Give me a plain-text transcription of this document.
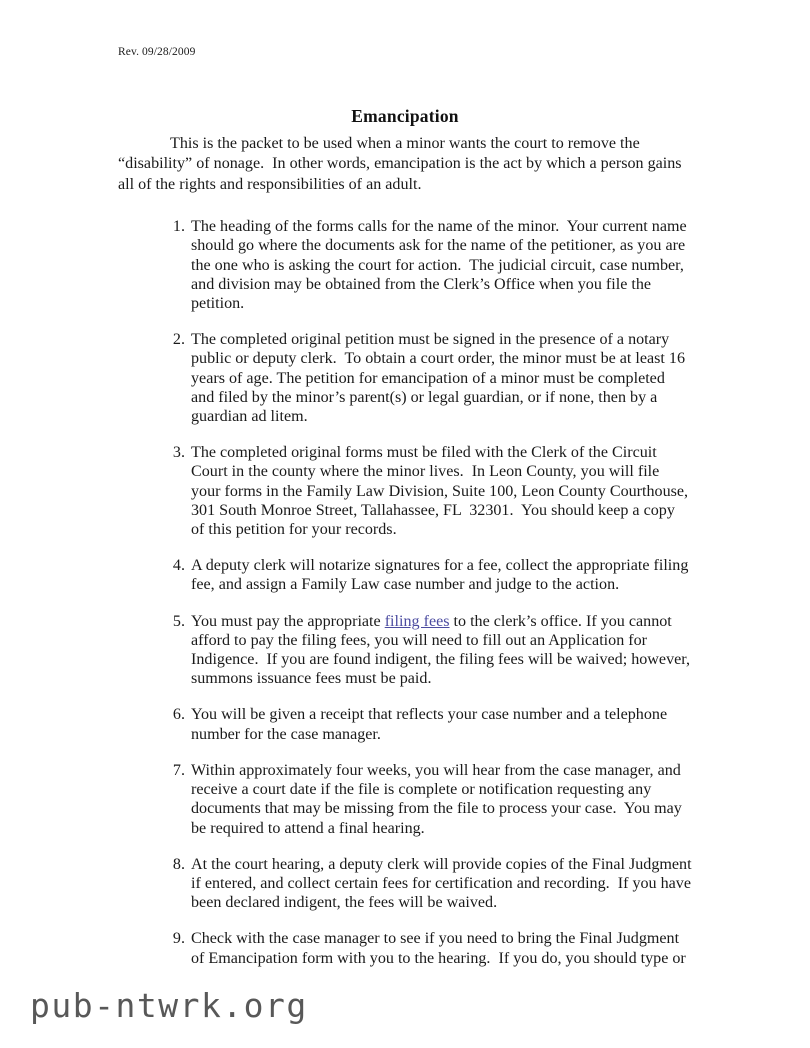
Rev. 09/28/2009
Emancipation

This is the packet to be used when a minor wants the court to remove the “disability” of nonage.  In other words, emancipation is the act by which a person gains all of the rights and responsibilities of an adult.

1. The heading of the forms calls for the name of the minor.  Your current name should go where the documents ask for the name of the petitioner, as you are the one who is asking the court for action.  The judicial circuit, case number, and division may be obtained from the Clerk’s Office when you file the petition.
2. The completed original petition must be signed in the presence of a notary public or deputy clerk.  To obtain a court order, the minor must be at least 16 years of age. The petition for emancipation of a minor must be completed and filed by the minor’s parent(s) or legal guardian, or if none, then by a guardian ad litem.
3. The completed original forms must be filed with the Clerk of the Circuit Court in the county where the minor lives.  In Leon County, you will file your forms in the Family Law Division, Suite 100, Leon County Courthouse, 301 South Monroe Street, Tallahassee, FL  32301.  You should keep a copy of this petition for your records.
4. A deputy clerk will notarize signatures for a fee, collect the appropriate filing fee, and assign a Family Law case number and judge to the action.
5. You must pay the appropriate filing fees to the clerk’s office. If you cannot afford to pay the filing fees, you will need to fill out an Application for Indigence.  If you are found indigent, the filing fees will be waived; however, summons issuance fees must be paid.
6. You will be given a receipt that reflects your case number and a telephone number for the case manager.
7. Within approximately four weeks, you will hear from the case manager, and receive a court date if the file is complete or notification requesting any documents that may be missing from the file to process your case.  You may be required to attend a final hearing.
8. At the court hearing, a deputy clerk will provide copies of the Final Judgment if entered, and collect certain fees for certification and recording.  If you have been declared indigent, the fees will be waived.
9. Check with the case manager to see if you need to bring the Final Judgment of Emancipation form with you to the hearing.  If you do, you should type or
pub-ntwrk.org
